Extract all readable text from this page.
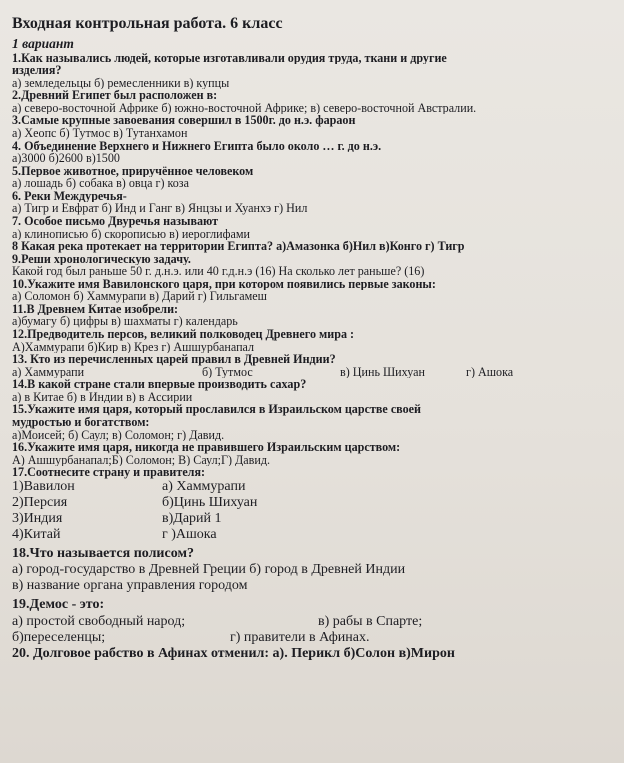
Входная контрольная работа. 6 класс
1 вариант
1.Как назывались людей, которые изготавливали орудия труда, ткани и другие
изделия?
а) земледельцы б) ремесленники в) купцы
2.Древний Египет был расположен в:
а) северо-восточной Африке б) южно-восточной Африке; в) северо-восточной Австралии.
3.Самые крупные завоевания совершил в 1500г. до н.э. фараон
а) Хеопс б) Тутмос в) Тутанхамон
4. Объединение Верхнего и Нижнего Египта было около … г. до н.э.
а)3000 б)2600 в)1500
5.Первое животное, приручённое человеком
а) лошадь б) собака в) овца г) коза
6. Реки Междуречья-
а) Тигр и Евфрат б) Инд и Ганг в) Янцзы и Хуанхэ г) Нил
7. Особое письмо Двуречья называют
а) клинописью б) скорописью в) иероглифами
8 Какая река протекает на территории Египта? а)Амазонка б)Нил в)Конго г) Тигр
9.Реши хронологическую задачу.
Какой год был раньше 50 г. д.н.э. или 40 г.д.н.э (16) На сколько лет раньше? (16)
10.Укажите имя Вавилонского царя, при котором появились первые законы:
а) Соломон б) Хаммурапи в) Дарий г) Гильгамеш
11.В Древнем Китае изобрели:
а)бумагу б) цифры в) шахматы г) календарь
12.Предводитель персов, великий полководец Древнего мира :
А)Хаммурапи б)Кир в) Крез г) Ашшурбанапал
13. Кто из перечисленных царей правил в Древней Индии?
а) Хаммурапи	б) Тутмос	в) Цинь Шихуан	г) Ашока
14.В какой стране стали впервые производить сахар?
а) в Китае б) в Индии в) в Ассирии
15.Укажите имя царя, который прославился в Израильском царстве своей
мудростью и богатством:
а)Моисей; б) Саул; в) Соломон; г) Давид.
16.Укажите имя царя, никогда не правившего Израильским царством:
А) Ашшурбанапал;Б) Соломон; В) Саул;Г) Давид.
17.Соотнесите страну и правителя:
1)Вавилон	а) Хаммурапи
2)Персия	б)Цинь Шихуан
3)Индия	в)Дарий 1
4)Китай	г )Ашока
18.Что называется полисом?
а) город-государство в Древней Греции б) город в Древней Индии
в) название органа управления городом
19.Демос - это:
а) простой свободный народ;	в) рабы в Спарте;
б)переселенцы;	г) правители в Афинах.
20. Долговое рабство в Афинах отменил: а). Перикл б)Солон в)Мирон
